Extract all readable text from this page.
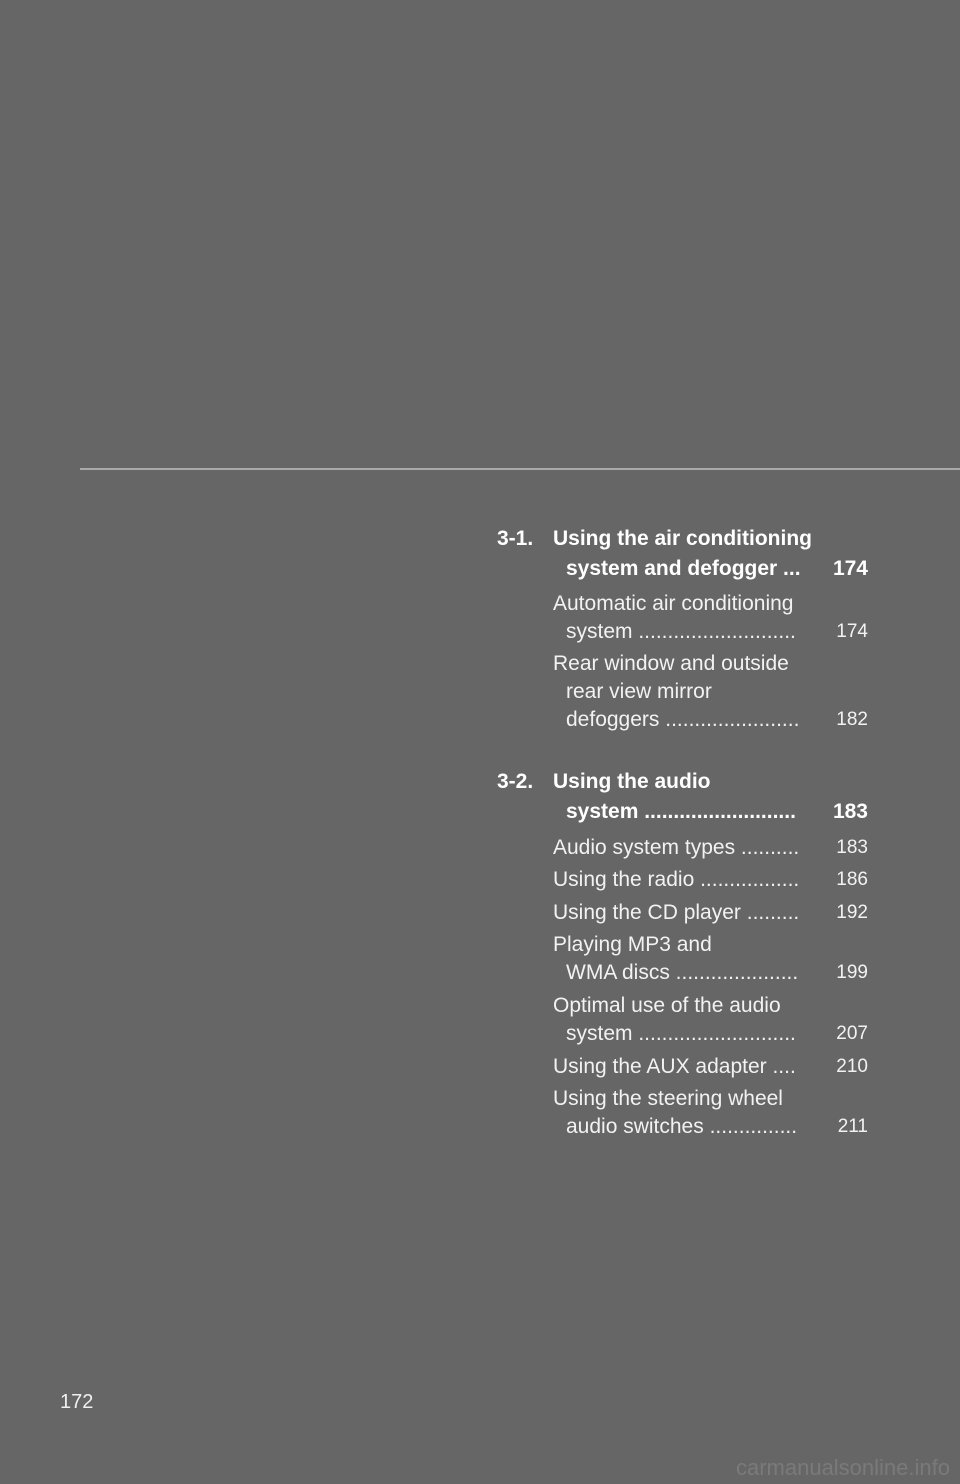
3-1. Using the air conditioning
system and defogger ... 174
Automatic air conditioning
system ........................... 174
Rear window and outside
rear view mirror
defoggers ....................... 182
3-2. Using the audio
system .......................... 183
Audio system types .......... 183
Using the radio ................. 186
Using the CD player ......... 192
Playing MP3 and
WMA discs ..................... 199
Optimal use of the audio
system ........................... 207
Using the AUX adapter .... 210
Using the steering wheel
audio switches ............... 211
172
carmanualsonline.info
